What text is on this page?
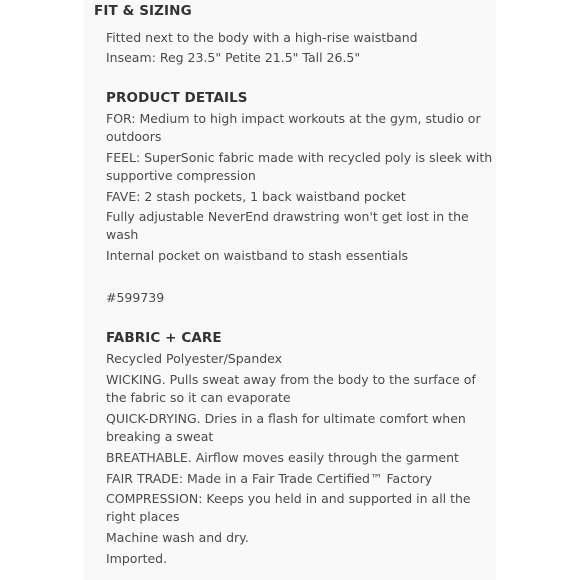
FIT & SIZING
Fitted next to the body with a high-rise waistband
Inseam: Reg 23.5" Petite 21.5" Tall 26.5"
PRODUCT DETAILS
FOR: Medium to high impact workouts at the gym, studio or
outdoors
FEEL: SuperSonic fabric made with recycled poly is sleek with
supportive compression
FAVE: 2 stash pockets, 1 back waistband pocket
Fully adjustable NeverEnd drawstring won't get lost in the
wash
Internal pocket on waistband to stash essentials
#599739
FABRIC + CARE
Recycled Polyester/Spandex
WICKING. Pulls sweat away from the body to the surface of
the fabric so it can evaporate
QUICK-DRYING. Dries in a flash for ultimate comfort when
breaking a sweat
BREATHABLE. Airflow moves easily through the garment
FAIR TRADE: Made in a Fair Trade Certified™ Factory
COMPRESSION: Keeps you held in and supported in all the
right places
Machine wash and dry.
Imported.
